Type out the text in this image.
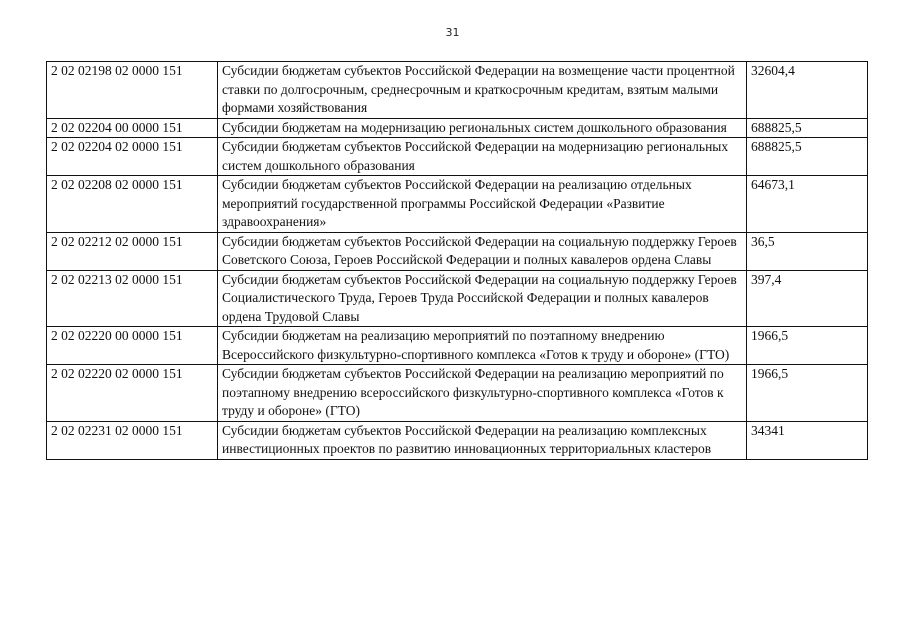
31
2 02 02198 02 0000 151	Субсидии бюджетам субъектов Российской Федерации на возмещение части процентной ставки по долгосрочным, среднесрочным и краткосрочным кредитам, взятым малыми формами хозяйствования	32604,4
2 02 02204 00 0000 151	Субсидии бюджетам на модернизацию региональных систем дошкольного образования	688825,5
2 02 02204 02 0000 151	Субсидии бюджетам субъектов Российской Федерации на модернизацию региональных систем дошкольного образования	688825,5
2 02 02208 02 0000 151	Субсидии бюджетам субъектов Российской Федерации на реализацию отдельных мероприятий государственной программы Российской Федерации «Развитие здравоохранения»	64673,1
2 02 02212 02 0000 151	Субсидии бюджетам субъектов Российской Федерации на социальную поддержку Героев Советского Союза, Героев Российской Федерации и полных кавалеров ордена Славы	36,5
2 02 02213 02 0000 151	Субсидии бюджетам субъектов Российской Федерации на социальную поддержку Героев Социалистического Труда, Героев Труда Российской Федерации и полных кавалеров ордена Трудовой Славы	397,4
2 02 02220 00 0000 151	Субсидии бюджетам на реализацию мероприятий по поэтапному внедрению Всероссийского физкультурно-спортивного комплекса «Готов к труду и обороне» (ГТО)	1966,5
2 02 02220 02 0000 151	Субсидии бюджетам субъектов Российской Федерации на реализацию мероприятий по поэтапному внедрению всероссийского физкультурно-спортивного комплекса «Готов к труду и обороне» (ГТО)	1966,5
2 02 02231 02 0000 151	Субсидии бюджетам субъектов Российской Федерации на реализацию комплексных инвестиционных проектов по развитию инновационных территориальных кластеров	34341
